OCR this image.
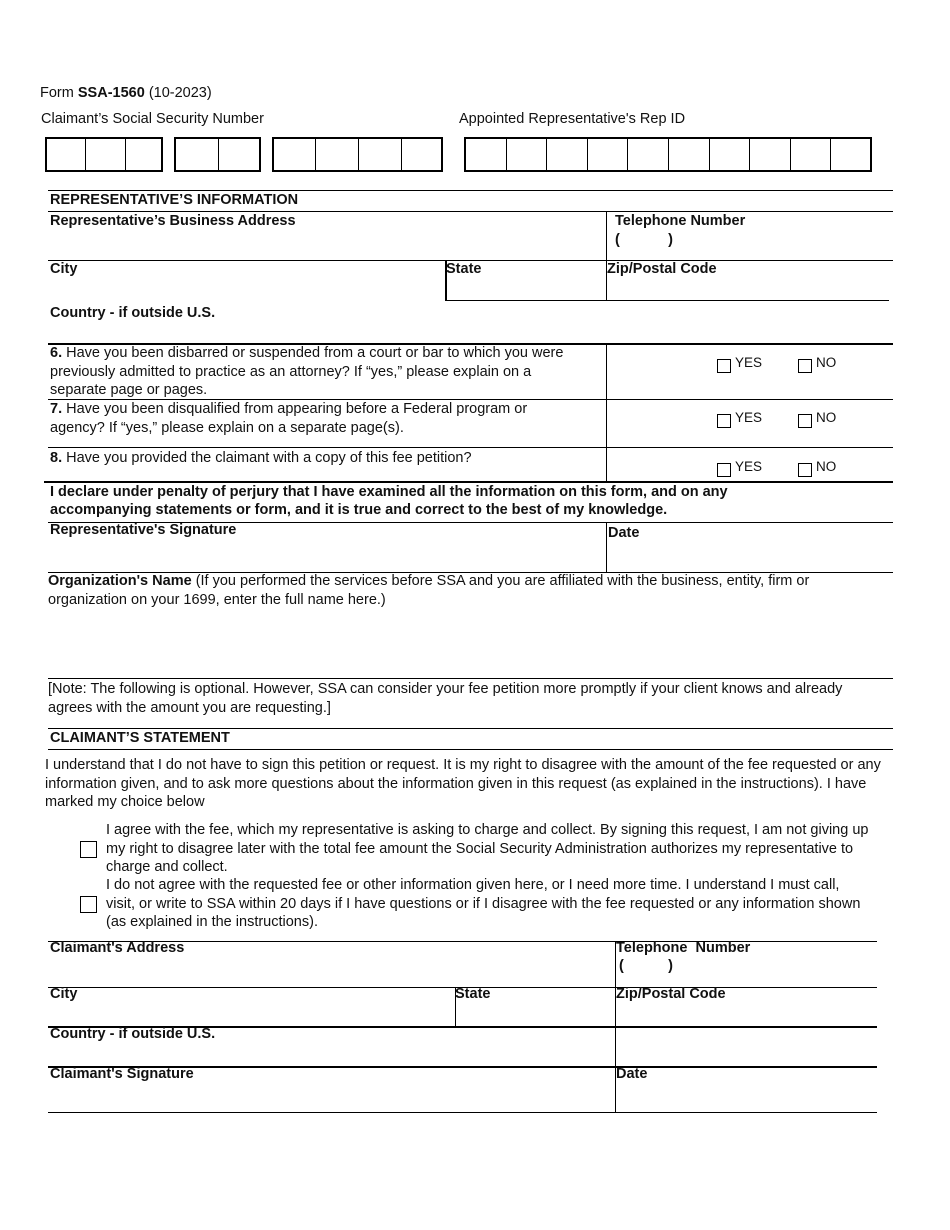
Form SSA-1560 (10-2023)
Claimant’s Social Security Number	Appointed Representative's Rep ID
REPRESENTATIVE’S INFORMATION
Representative’s Business Address	Telephone Number
(            )
City	State	Zip/Postal Code
Country - if outside U.S.
6. Have you been disbarred or suspended from a court or bar to which you were previously admitted to practice as an attorney? If “yes,” please explain on a separate page or pages.
YES	NO
7. Have you been disqualified from appearing before a Federal program or agency? If “yes,” please explain on a separate page(s).
YES	NO
8. Have you provided the claimant with a copy of this fee petition?
YES	NO
I declare under penalty of perjury that I have examined all the information on this form, and on any accompanying statements or form, and it is true and correct to the best of my knowledge.
Representative's Signature	Date
Organization's Name (If you performed the services before SSA and you are affiliated with the business, entity, firm or organization on your 1699, enter the full name here.)
[Note: The following is optional. However, SSA can consider your fee petition more promptly if your client knows and already agrees with the amount you are requesting.]
CLAIMANT’S STATEMENT
I understand that I do not have to sign this petition or request. It is my right to disagree with the amount of the fee requested or any information given, and to ask more questions about the information given in this request (as explained in the instructions). I have marked my choice below
I agree with the fee, which my representative is asking to charge and collect. By signing this request, I am not giving up my right to disagree later with the total fee amount the Social Security Administration authorizes my representative to charge and collect.
I do not agree with the requested fee or other information given here, or I need more time. I understand I must call, visit, or write to SSA within 20 days if I have questions or if I disagree with the fee requested or any information shown (as explained in the instructions).
Claimant's Address	Telephone  Number
(           )
City	State	Zip/Postal Code
Country - if outside U.S.
Claimant's Signature	Date
